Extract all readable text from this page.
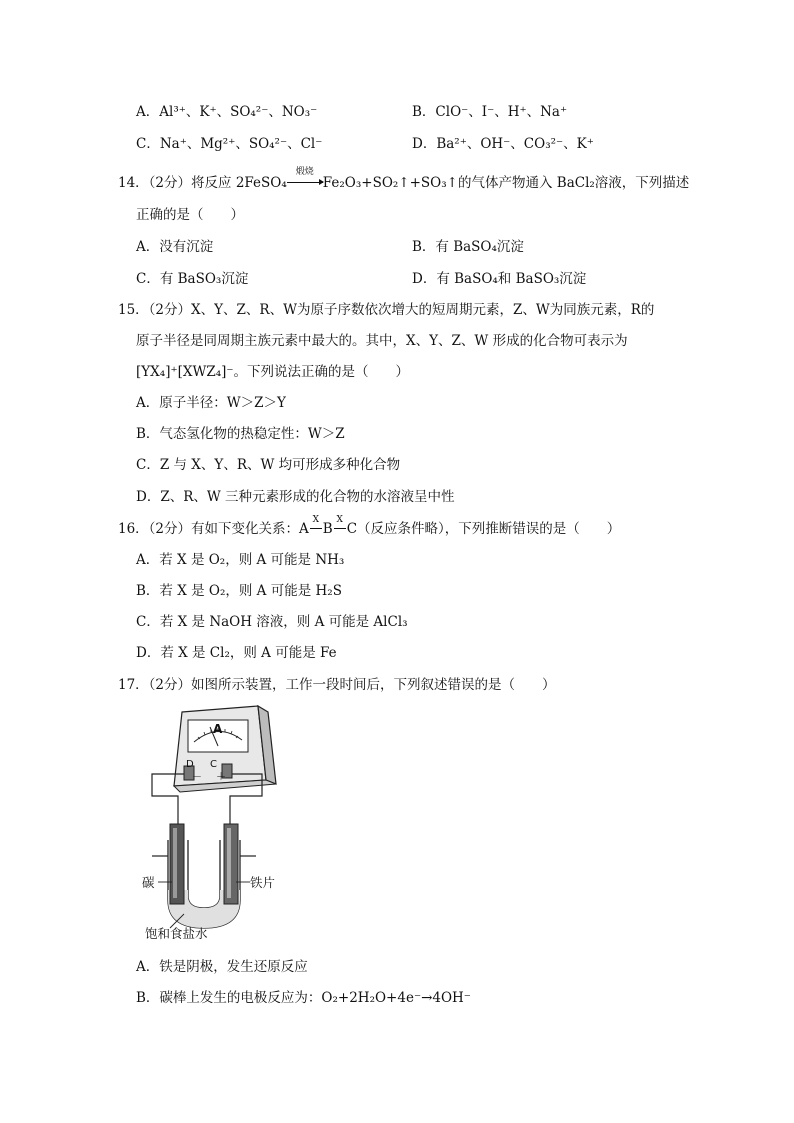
A．Al³⁺、K⁺、SO₄²⁻、NO₃⁻	B．ClO⁻、I⁻、H⁺、Na⁺
C．Na⁺、Mg²⁺、SO₄²⁻、Cl⁻	D．Ba²⁺、OH⁻、CO₃²⁻、K⁺
14．（2分）将反应 2FeSO₄
煅烧
Fe₂O₃+SO₂↑+SO₃↑的气体产物通入 BaCl₂溶液，下列描述
正确的是（　　）
A．没有沉淀	B．有 BaSO₄沉淀
C．有 BaSO₃沉淀	D．有 BaSO₄和 BaSO₃沉淀
15．（2分）X、Y、Z、R、W为原子序数依次增大的短周期元素，Z、W为同族元素，R的
原子半径是同周期主族元素中最大的。其中，X、Y、Z、W 形成的化合物可表示为
[YX₄]⁺[XWZ₄]⁻。下列说法正确的是（　　）
A．原子半径：W＞Z＞Y
B．气态氢化物的热稳定性：W＞Z
C．Z 与 X、Y、R、W 均可形成多种化合物
D．Z、R、W 三种元素形成的化合物的水溶液呈中性
16．（2分）有如下变化关系：A
X
B
X
C（反应条件略），下列推断错误的是（　　）
A．若 X 是 O₂，则 A 可能是 NH₃
B．若 X 是 O₂，则 A 可能是 H₂S
C．若 X 是 NaOH 溶液，则 A 可能是 AlCl₃
D．若 X 是 Cl₂，则 A 可能是 Fe
17．（2分）如图所示装置，工作一段时间后，下列叙述错误的是（　　）
A
D C
－ ＋
碳	铁片
饱和食盐水
A．铁是阴极，发生还原反应
B．碳棒上发生的电极反应为：O₂+2H₂O+4e⁻→4OH⁻
